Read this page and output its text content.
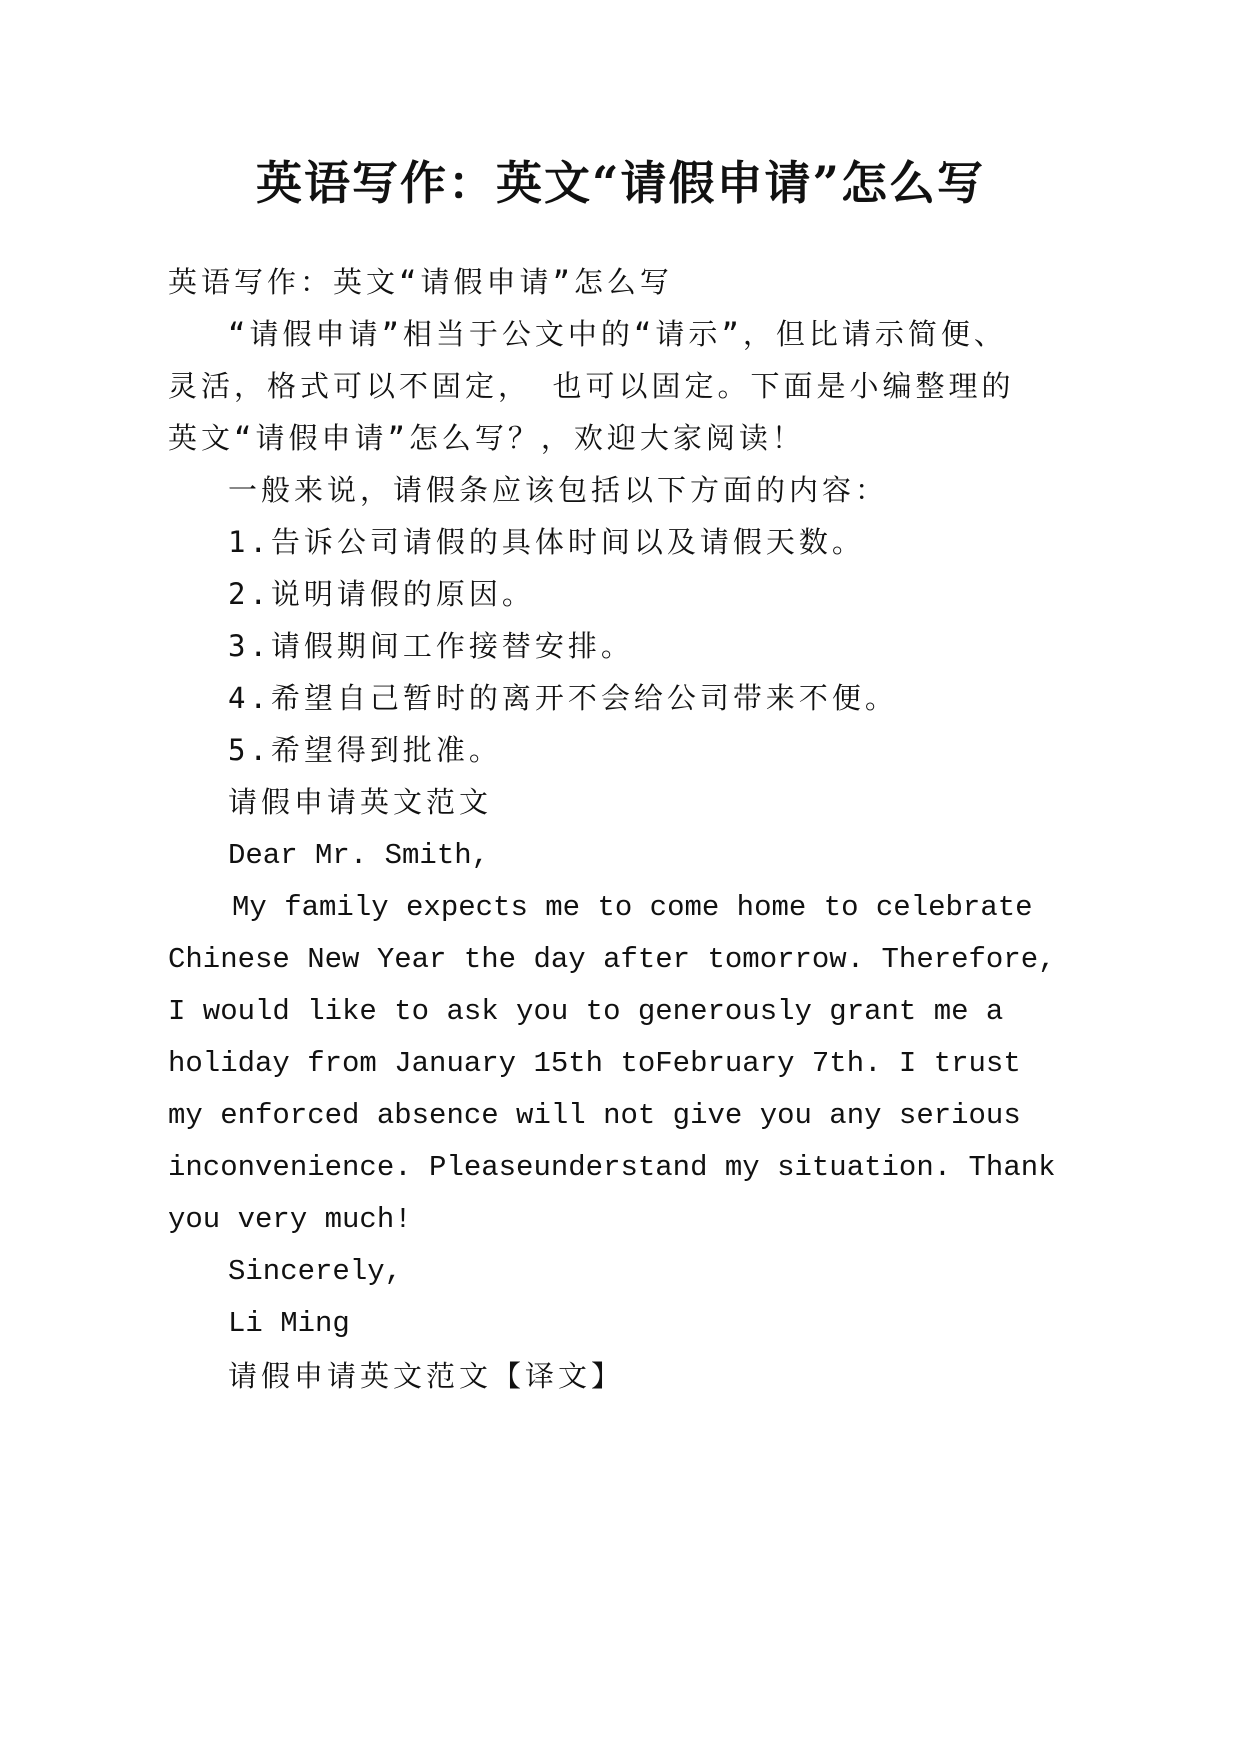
英语写作：英文“请假申请”怎么写

英语写作：英文“请假申请”怎么写

“请假申请”相当于公文中的“请示”，但比请示简便、

灵活，格式可以不固定， 也可以固定。下面是小编整理的

英文“请假申请”怎么写？，欢迎大家阅读！

一般来说，请假条应该包括以下方面的内容：

1.告诉公司请假的具体时间以及请假天数。

2.说明请假的原因。

3.请假期间工作接替安排。

4.希望自己暂时的离开不会给公司带来不便。

5.希望得到批准。

请假申请英文范文

Dear Mr. Smith,

My family expects me to come home to celebrate

Chinese New Year the day after tomorrow. Therefore,

I would like to ask you to generously grant me a

holiday from January 15th toFebruary 7th. I trust

my enforced absence will not give you any serious

inconvenience. Pleaseunderstand my situation. Thank

you very much!

Sincerely,

Li Ming

请假申请英文范文【译文】
